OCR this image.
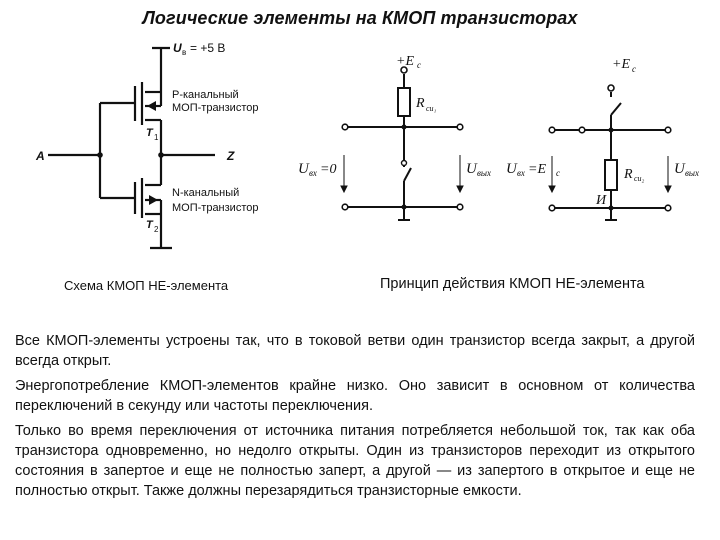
Логические элементы на КМОП транзисторах
U в = +5 В
Р-канальный
МОП-транзистор
T 1
N-канальный
МОП-транзистор
T 2
A	Z
+E с
R си₁
U вх =0	U вых
+E с
R си₂
U вх =E с	U вых
И
Схема КМОП НЕ-элемента	Принцип действия КМОП НЕ-элемента

Все КМОП-элементы устроены так, что в токовой ветви один транзистор всегда закрыт, а другой всегда открыт.

Энергопотребление КМОП-элементов крайне низко. Оно зависит в основном от количества переключений в секунду или частоты переключения.

Только во время переключения от источника питания потребляется небольшой ток, так как оба транзистора одновременно, но недолго открыты. Один из транзисторов переходит из открытого состояния в запертое и еще не полностью заперт, а другой — из запертого в открытое и еще не полностью открыт. Также должны перезарядиться транзисторные емкости.
